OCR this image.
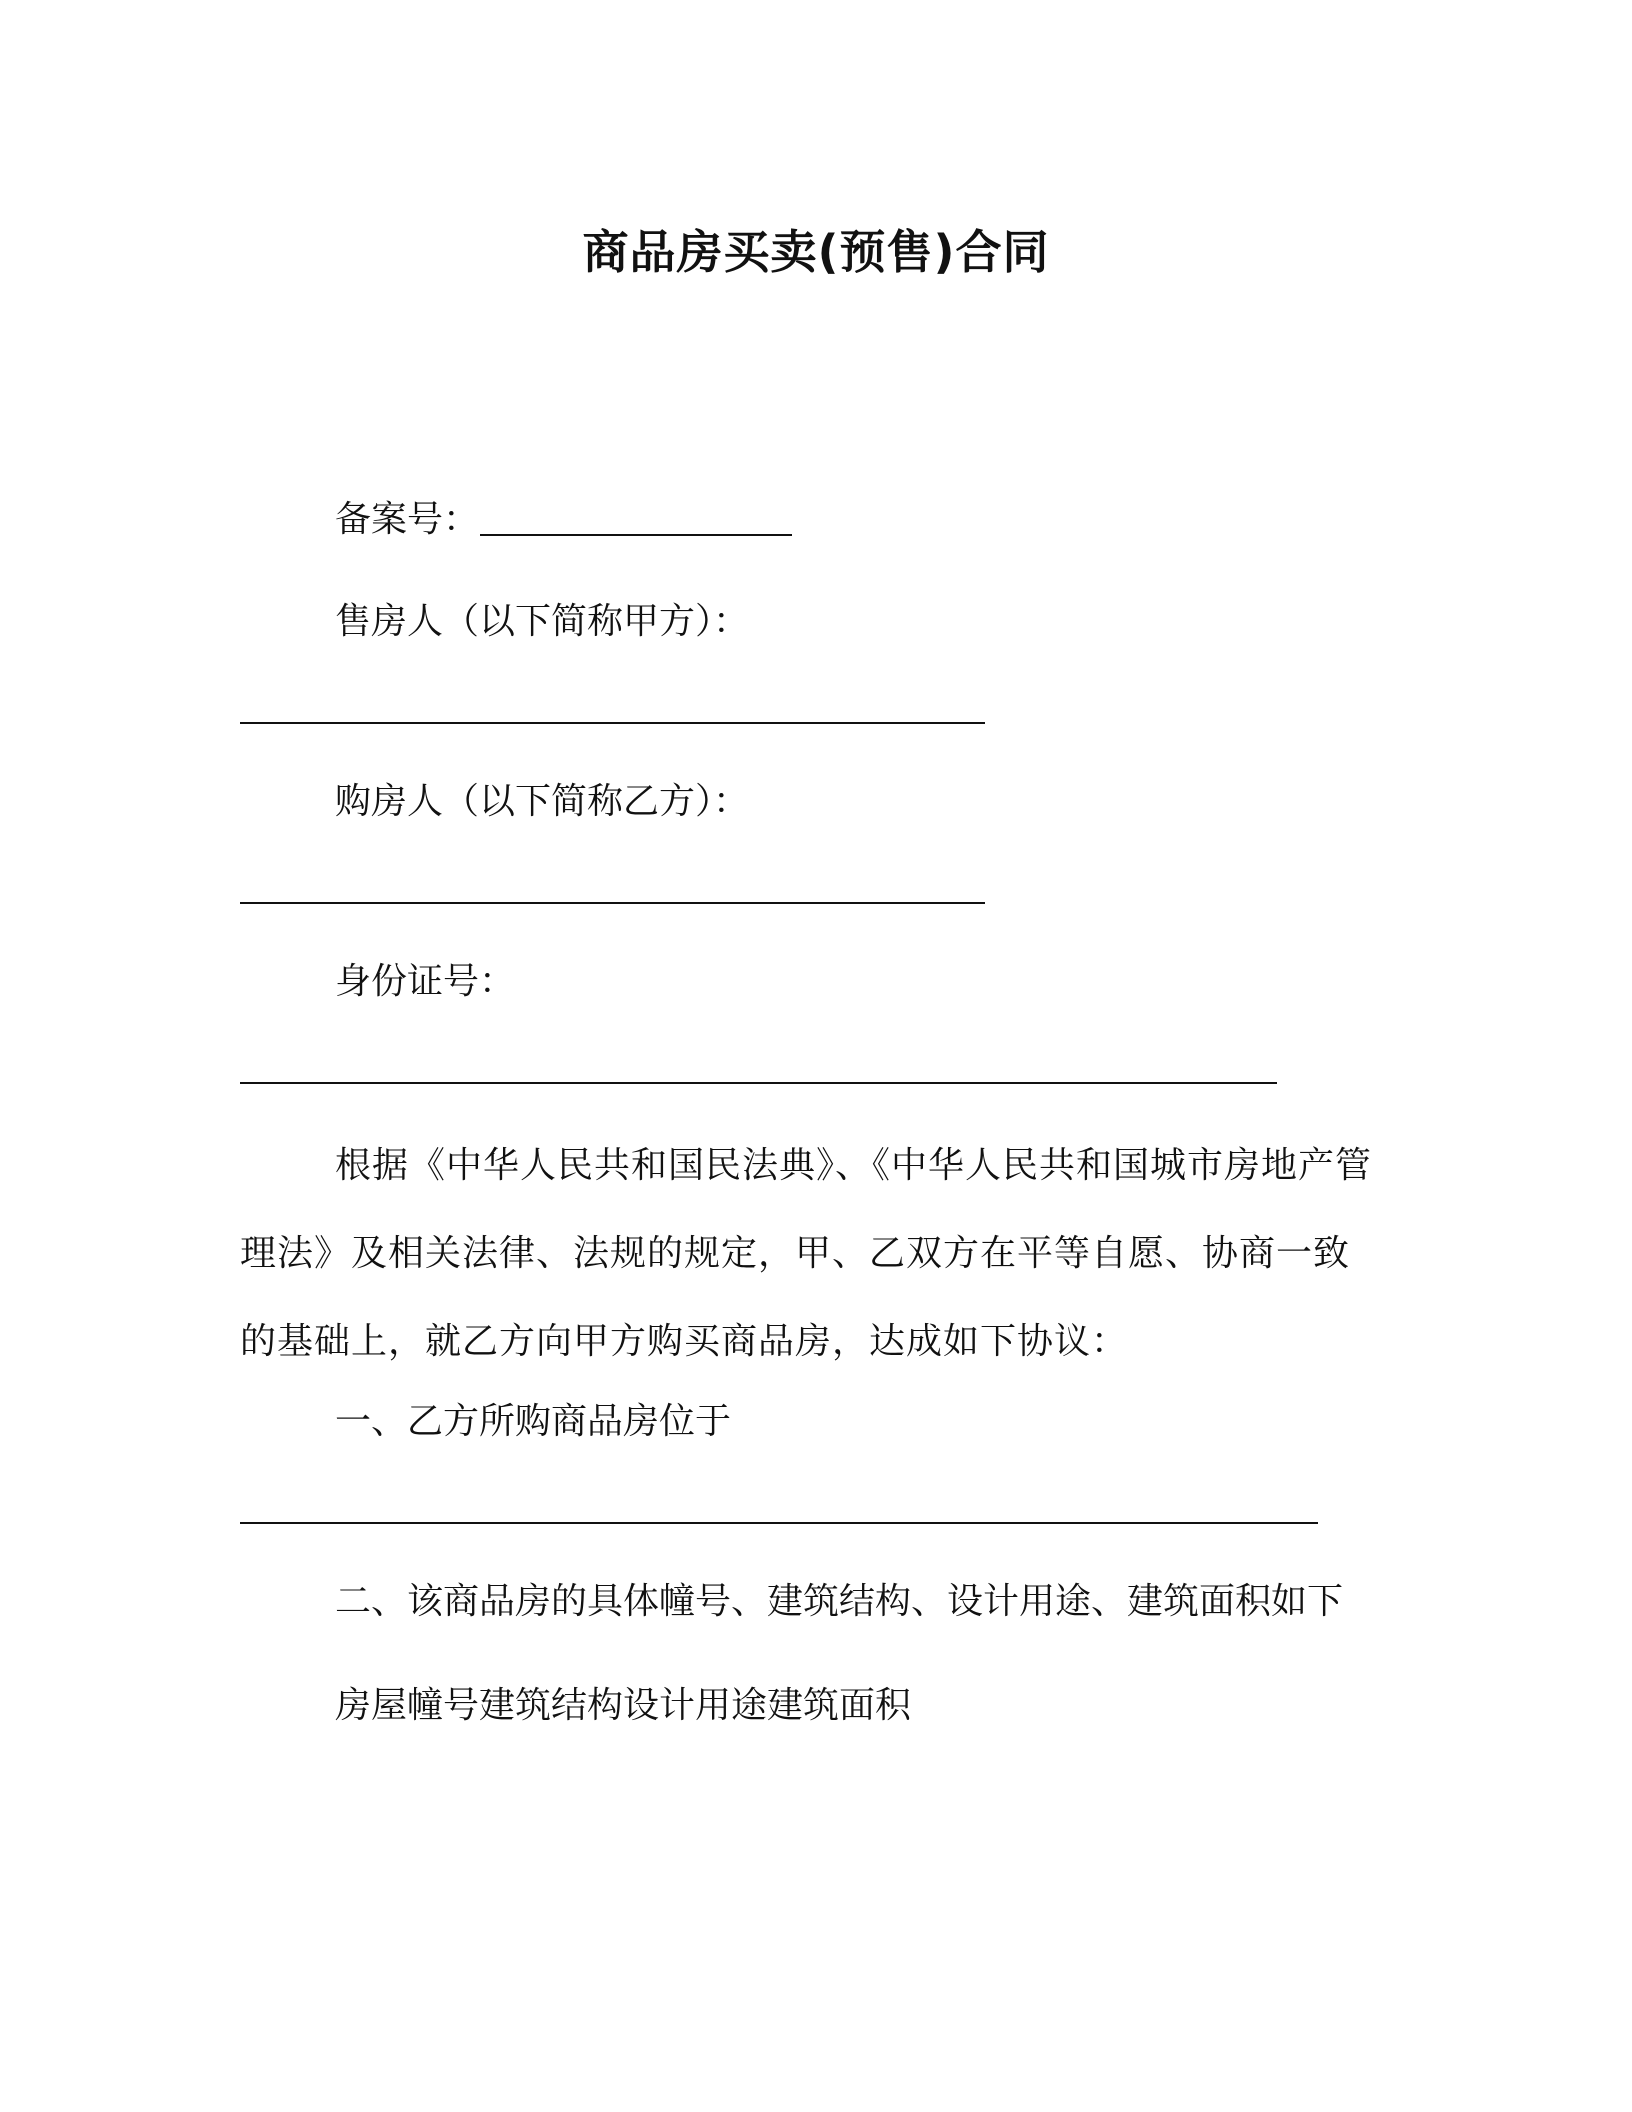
商品房买卖(预售)合同
备案号：
售房人（以下简称甲方）：
购房人（以下简称乙方）：
身份证号：
根据《中华人民共和国民法典》、《中华人民共和国城市房地产管理法》及相关法律、法规的规定，甲、乙双方在平等自愿、协商一致的基础上，就乙方向甲方购买商品房，达成如下协议：
一、乙方所购商品房位于
二、该商品房的具体幢号、建筑结构、设计用途、建筑面积如下
房屋幢号建筑结构设计用途建筑面积
